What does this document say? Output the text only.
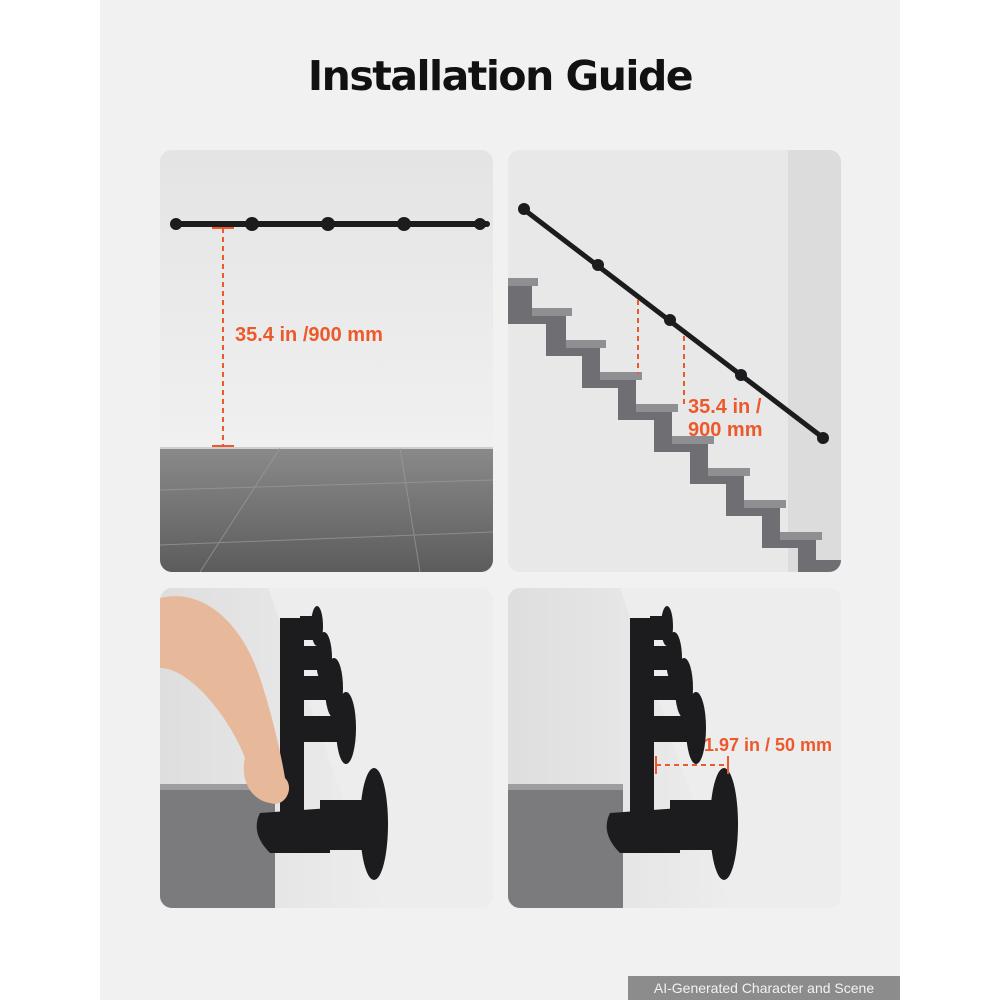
Installation Guide
35.4 in /900 mm
35.4 in /
900 mm
1.97 in / 50 mm
AI-Generated Character and Scene
